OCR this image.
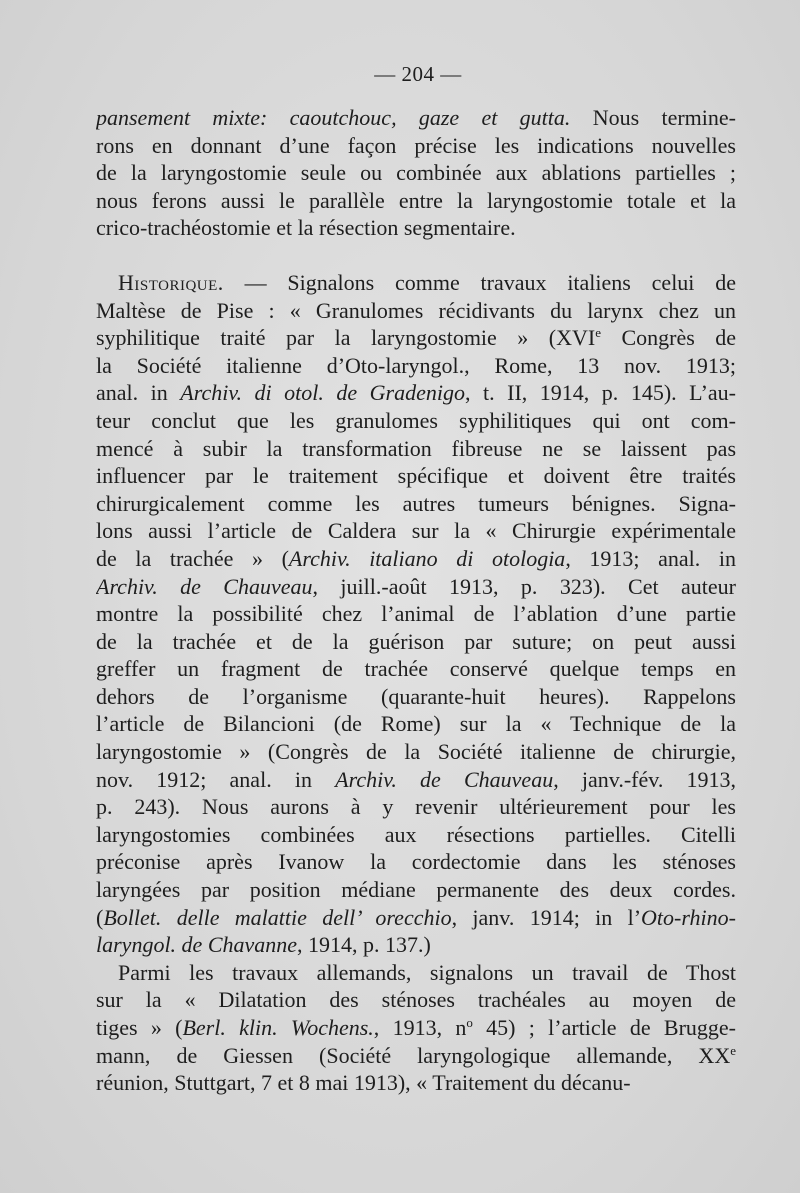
— 204 —
pansement mixte: caoutchouc, gaze et gutta. Nous termine-
rons en donnant d’une façon précise les indications nouvelles
de la laryngostomie seule ou combinée aux ablations partielles ;
nous ferons aussi le parallèle entre la laryngostomie totale et la
crico-trachéostomie et la résection segmentaire.
Historique. — Signalons comme travaux italiens celui de
Maltèse de Pise : « Granulomes récidivants du larynx chez un
syphilitique traité par la laryngostomie » (XVIe Congrès de
la Société italienne d’Oto-laryngol., Rome, 13 nov. 1913;
anal. in Archiv. di otol. de Gradenigo, t. II, 1914, p. 145). L’au-
teur conclut que les granulomes syphilitiques qui ont com-
mencé à subir la transformation fibreuse ne se laissent pas
influencer par le traitement spécifique et doivent être traités
chirurgicalement comme les autres tumeurs bénignes. Signa-
lons aussi l’article de Caldera sur la « Chirurgie expérimentale
de la trachée » (Archiv. italiano di otologia, 1913; anal. in
Archiv. de Chauveau, juill.-août 1913, p. 323). Cet auteur
montre la possibilité chez l’animal de l’ablation d’une partie
de la trachée et de la guérison par suture; on peut aussi
greffer un fragment de trachée conservé quelque temps en
dehors de l’organisme (quarante-huit heures). Rappelons
l’article de Bilancioni (de Rome) sur la « Technique de la
laryngostomie » (Congrès de la Société italienne de chirurgie,
nov. 1912; anal. in Archiv. de Chauveau, janv.-fév. 1913,
p. 243). Nous aurons à y revenir ultérieurement pour les
laryngostomies combinées aux résections partielles. Citelli
préconise après Ivanow la cordectomie dans les sténoses
laryngées par position médiane permanente des deux cordes.
(Bollet. delle malattie dell’ orecchio, janv. 1914; in l’Oto-rhino-
laryngol. de Chavanne, 1914, p. 137.)
Parmi les travaux allemands, signalons un travail de Thost
sur la « Dilatation des sténoses trachéales au moyen de
tiges » (Berl. klin. Wochens., 1913, $n^o$ 45) ; l’article de Brugge-
mann, de Giessen (Société laryngologique allemande, XXe
réunion, Stuttgart, 7 et 8 mai 1913), « Traitement du décanu-
